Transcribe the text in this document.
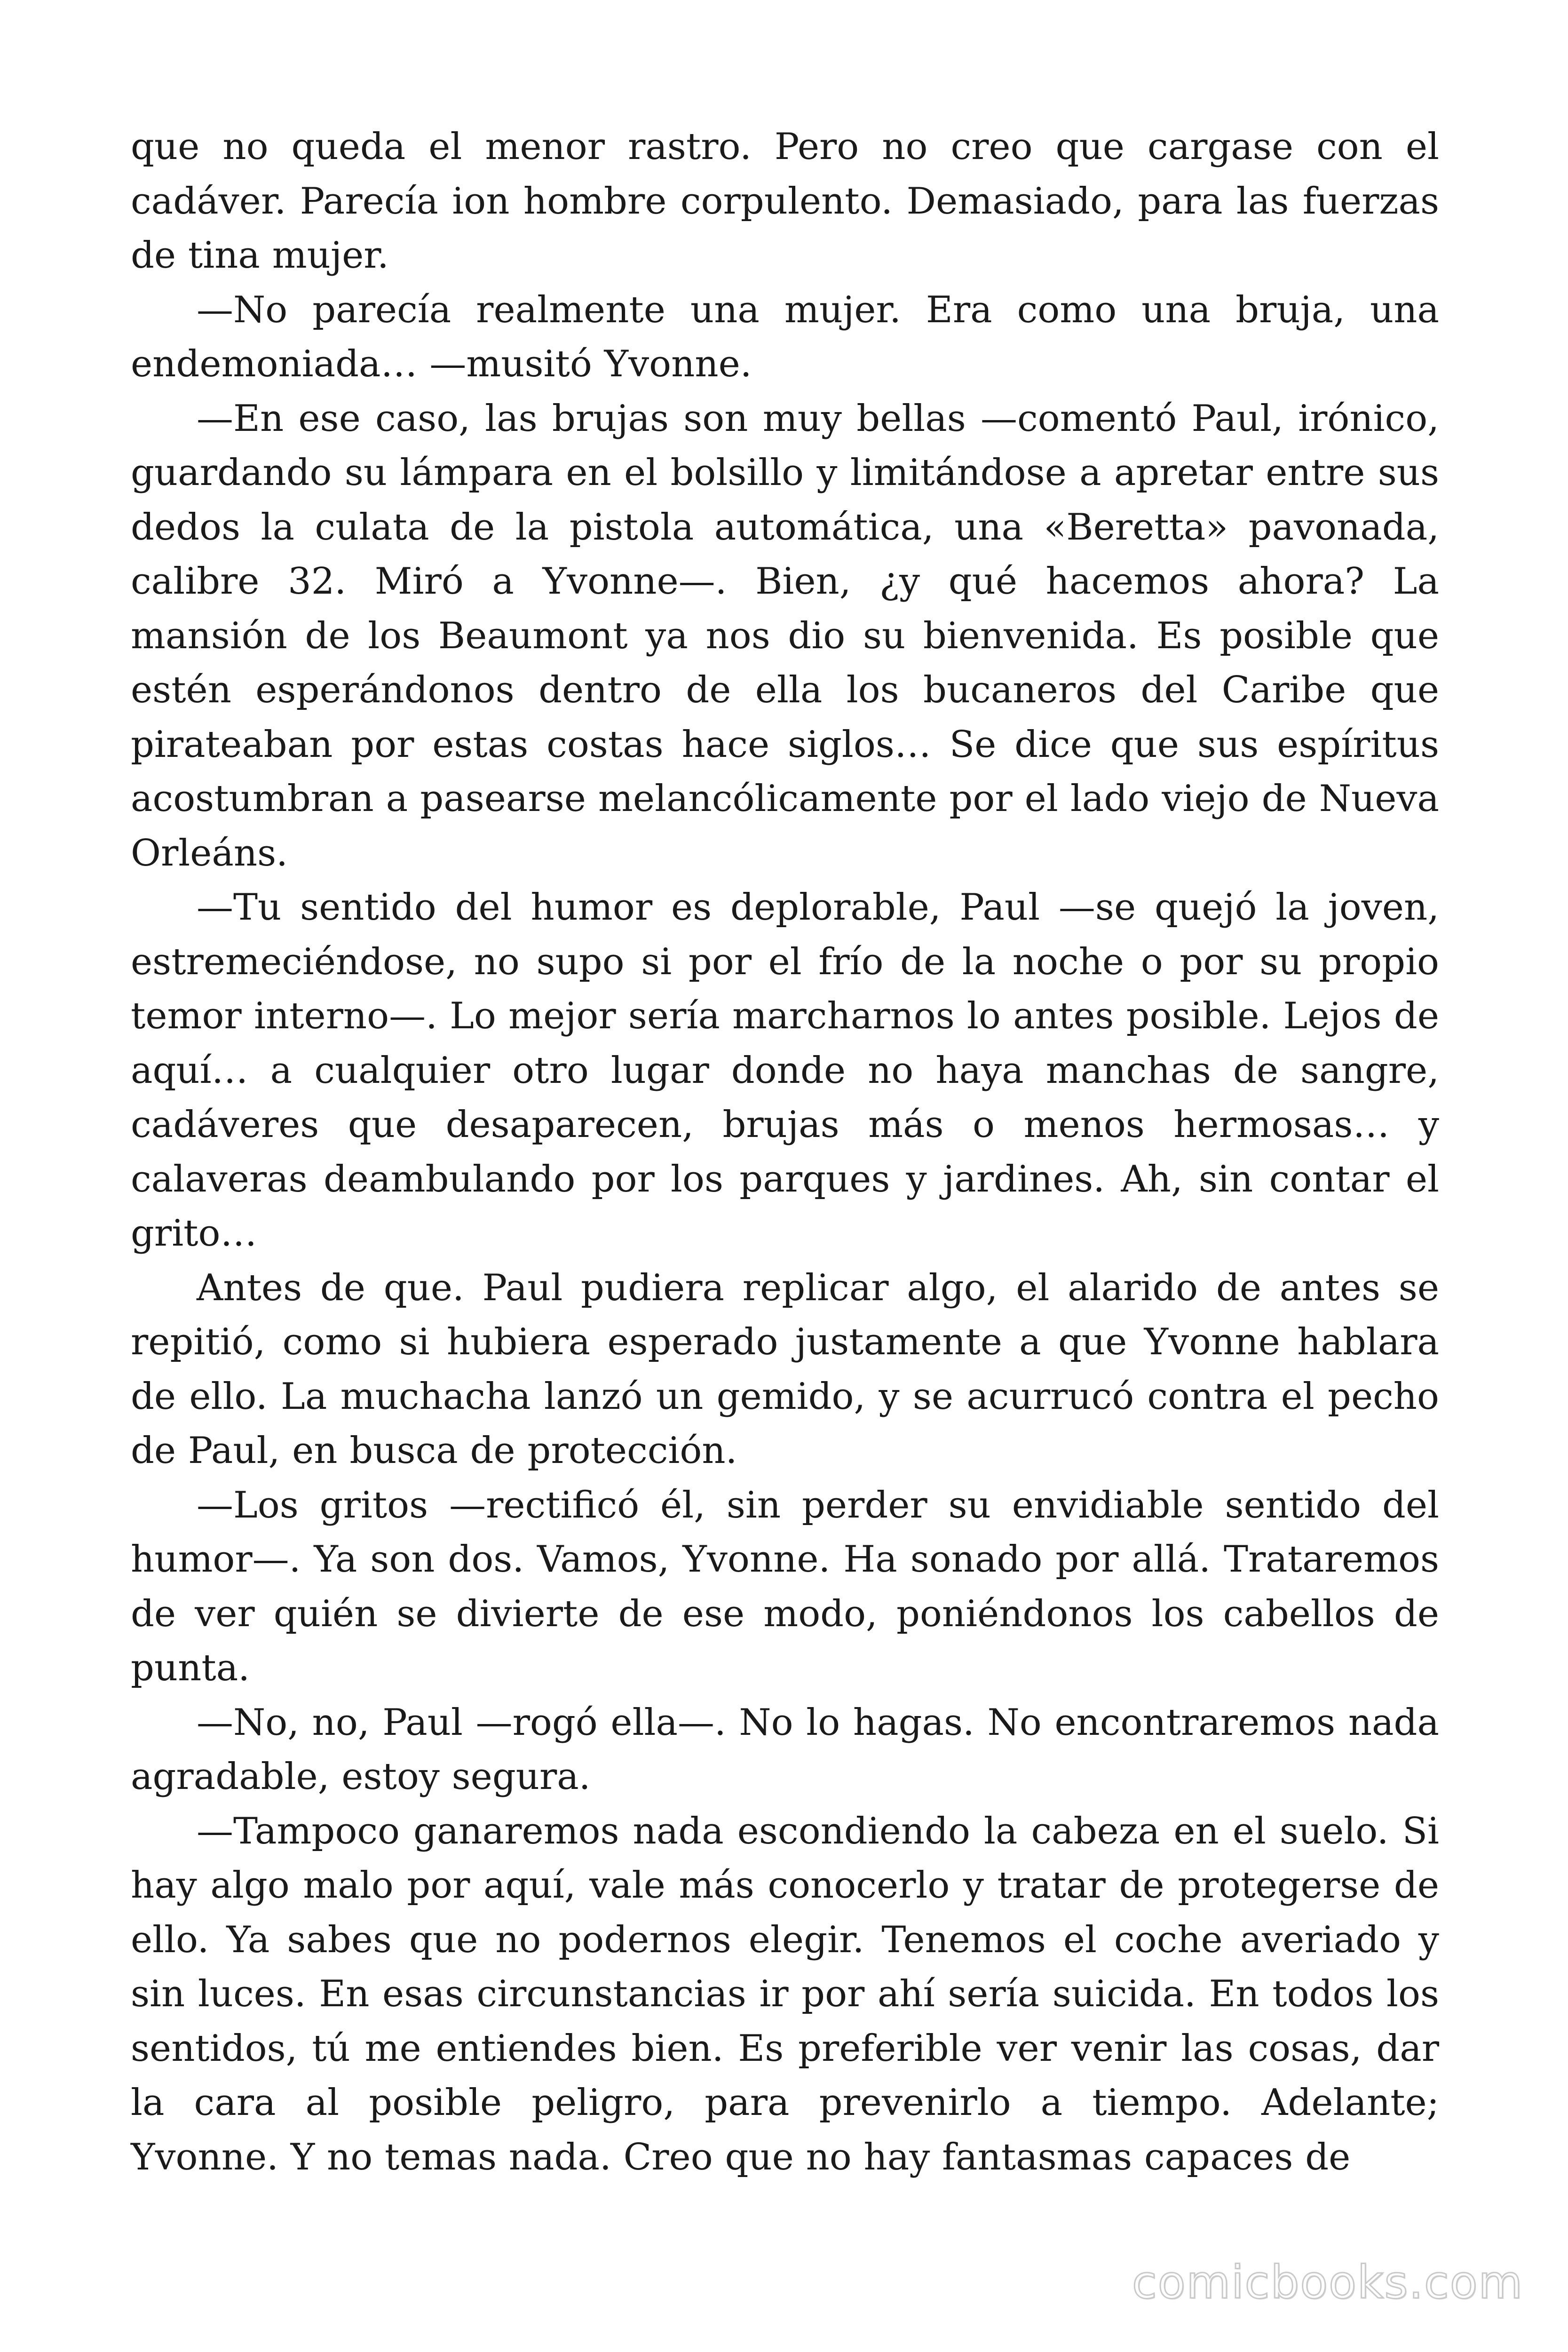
que no queda el menor rastro. Pero no creo que cargase con el cadáver. Parecía ion hombre corpulento. Demasiado, para las fuerzas de tina mujer.

—No parecía realmente una mujer. Era como una bruja, una endemoniada… —musitó Yvonne.

—En ese caso, las brujas son muy bellas —comentó Paul, irónico, guardando su lámpara en el bolsillo y limitándose a apretar entre sus dedos la culata de la pistola automática, una «Beretta» pavonada, calibre 32. Miró a Yvonne—. Bien, ¿y qué hacemos ahora? La mansión de los Beaumont ya nos dio su bienvenida. Es posible que estén esperándonos dentro de ella los bucaneros del Caribe que pirateaban por estas costas hace siglos… Se dice que sus espíritus acostumbran a pasearse melancólicamente por el lado viejo de Nueva Orleáns.

—Tu sentido del humor es deplorable, Paul —se quejó la joven, estremeciéndose, no supo si por el frío de la noche o por su propio temor interno—. Lo mejor sería marcharnos lo antes posible. Lejos de aquí… a cualquier otro lugar donde no haya manchas de sangre, cadáveres que desaparecen, brujas más o menos hermosas… y calaveras deambulando por los parques y jardines. Ah, sin contar el grito…

Antes de que. Paul pudiera replicar algo, el alarido de antes se repitió, como si hubiera esperado justamente a que Yvonne hablara de ello. La muchacha lanzó un gemido, y se acurrucó contra el pecho de Paul, en busca de protección.

—Los gritos —rectificó él, sin perder su envidiable sentido del humor—. Ya son dos. Vamos, Yvonne. Ha sonado por allá. Trataremos de ver quién se divierte de ese modo, poniéndonos los cabellos de punta.

—No, no, Paul —rogó ella—. No lo hagas. No encontraremos nada agradable, estoy segura.

—Tampoco ganaremos nada escondiendo la cabeza en el suelo. Si hay algo malo por aquí, vale más conocerlo y tratar de protegerse de ello. Ya sabes que no podernos elegir. Tenemos el coche averiado y sin luces. En esas circunstancias ir por ahí sería suicida. En todos los sentidos, tú me entiendes bien. Es preferible ver venir las cosas, dar la cara al posible peligro, para prevenirlo a tiempo. Adelante; Yvonne. Y no temas nada. Creo que no hay fantasmas capaces de

comicbooks.com
